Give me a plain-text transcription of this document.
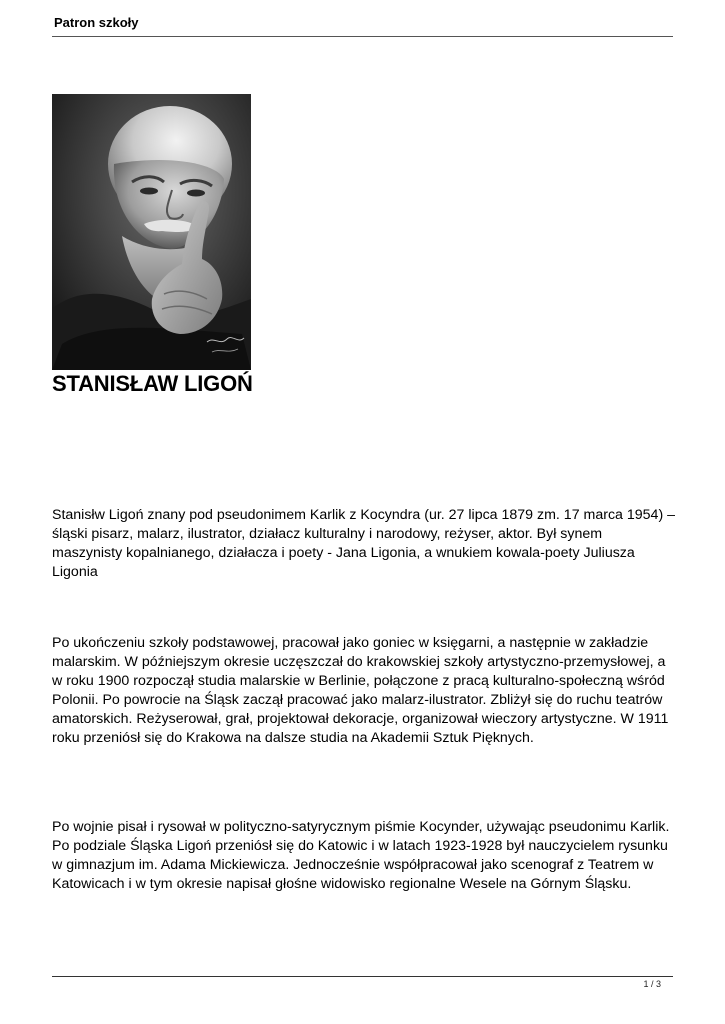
Patron szkoły
STANISŁAW LIGOŃ

Stanisłw Ligoń znany pod pseudonimem Karlik z Kocyndra (ur. 27 lipca 1879 zm. 17 marca 1954) – śląski pisarz, malarz, ilustrator, działacz kulturalny i narodowy, reżyser, aktor. Był synem maszynisty kopalnianego, działacza i poety - Jana Ligonia, a wnukiem kowala-poety Juliusza Ligonia

Po ukończeniu szkoły podstawowej, pracował jako goniec w księgarni, a następnie w zakładzie malarskim. W późniejszym okresie uczęszczał do krakowskiej szkoły artystyczno-przemysłowej, a w roku 1900 rozpoczął studia malarskie w Berlinie, połączone z pracą kulturalno-społeczną wśród Polonii. Po powrocie na Śląsk zaczął pracować jako malarz-ilustrator. Zbliżył się do ruchu teatrów amatorskich. Reżyserował, grał, projektował dekoracje, organizował wieczory artystyczne. W 1911 roku przeniósł się do Krakowa na dalsze studia na Akademii Sztuk Pięknych.

Po wojnie pisał i rysował w polityczno-satyrycznym piśmie Kocynder, używając pseudonimu Karlik. Po podziale Śląska Ligoń przeniósł się do Katowic i w latach 1923-1928 był nauczycielem rysunku w gimnazjum im. Adama Mickiewicza. Jednocześnie współpracował jako scenograf z Teatrem w Katowicach i w tym okresie napisał głośne widowisko regionalne Wesele na Górnym Śląsku.

1 / 3
